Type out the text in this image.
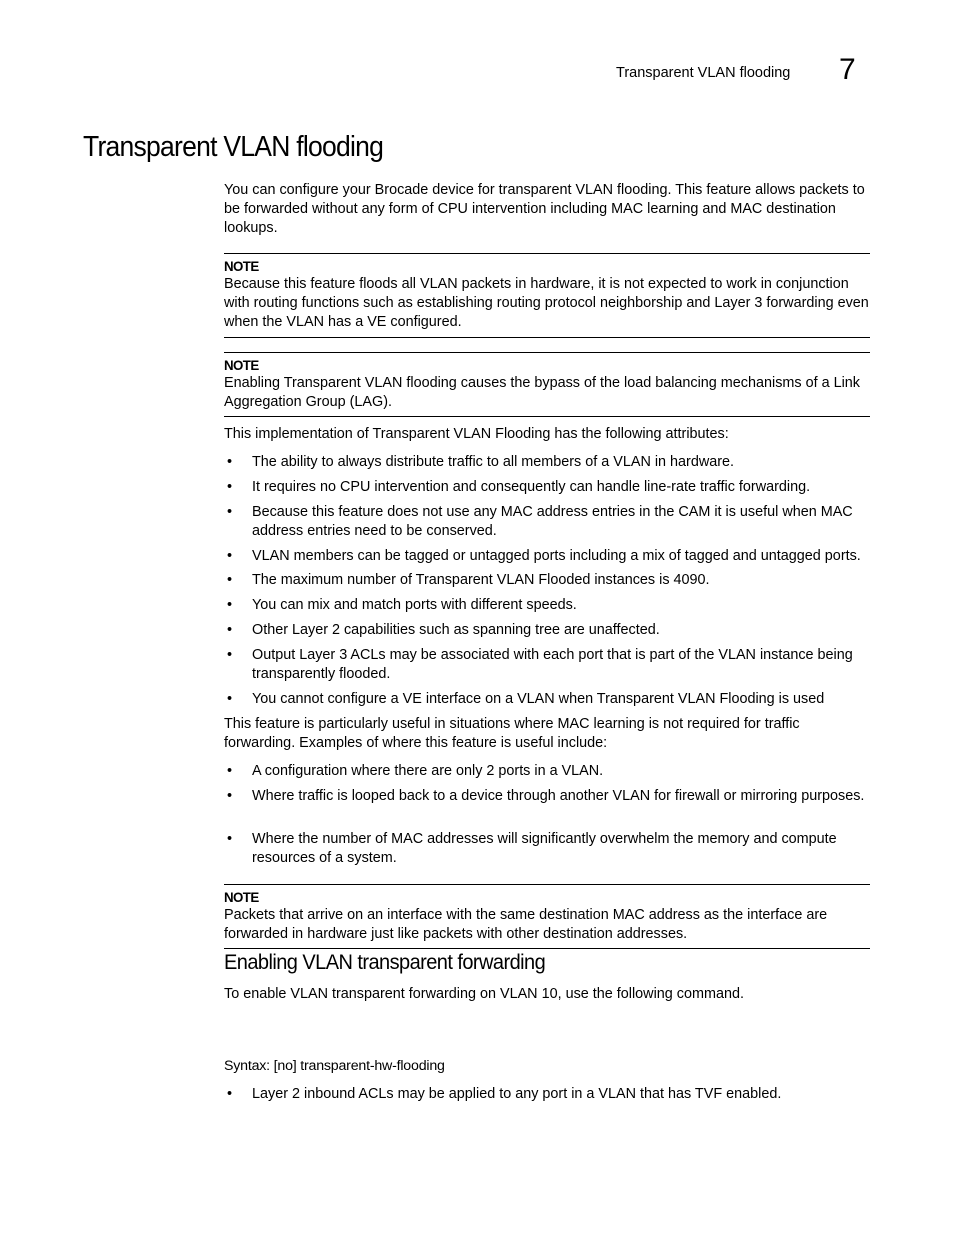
Transparent VLAN flooding 7
Transparent VLAN flooding

You can configure your Brocade device for transparent VLAN flooding. This feature allows packets to be forwarded without any form of CPU intervention including MAC learning and MAC destination lookups.

NOTE
Because this feature floods all VLAN packets in hardware, it is not expected to work in conjunction with routing functions such as establishing routing protocol neighborship and Layer 3 forwarding even when the VLAN has a VE configured.
NOTE
Enabling Transparent VLAN flooding causes the bypass of the load balancing mechanisms of a Link Aggregation Group (LAG).

This implementation of Transparent VLAN Flooding has the following attributes:

• The ability to always distribute traffic to all members of a VLAN in hardware.
• It requires no CPU intervention and consequently can handle line-rate traffic forwarding.
• Because this feature does not use any MAC address entries in the CAM it is useful when MAC address entries need to be conserved.
• VLAN members can be tagged or untagged ports including a mix of tagged and untagged ports.
• The maximum number of Transparent VLAN Flooded instances is 4090.
• You can mix and match ports with different speeds.
• Other Layer 2 capabilities such as spanning tree are unaffected.
• Output Layer 3 ACLs may be associated with each port that is part of the VLAN instance being transparently flooded.
• You cannot configure a VE interface on a VLAN when Transparent VLAN Flooding is used

This feature is particularly useful in situations where MAC learning is not required for traffic forwarding. Examples of where this feature is useful include:

• A configuration where there are only 2 ports in a VLAN.
• Where traffic is looped back to a device through another VLAN for firewall or mirroring purposes.
• Where the number of MAC addresses will significantly overwhelm the memory and compute resources of a system.
NOTE
Packets that arrive on an interface with the same destination MAC address as the interface are forwarded in hardware just like packets with other destination addresses.
Enabling VLAN transparent forwarding

To enable VLAN transparent forwarding on VLAN 10, use the following command.

Syntax: [no] transparent-hw-flooding
• Layer 2 inbound ACLs may be applied to any port in a VLAN that has TVF enabled.
